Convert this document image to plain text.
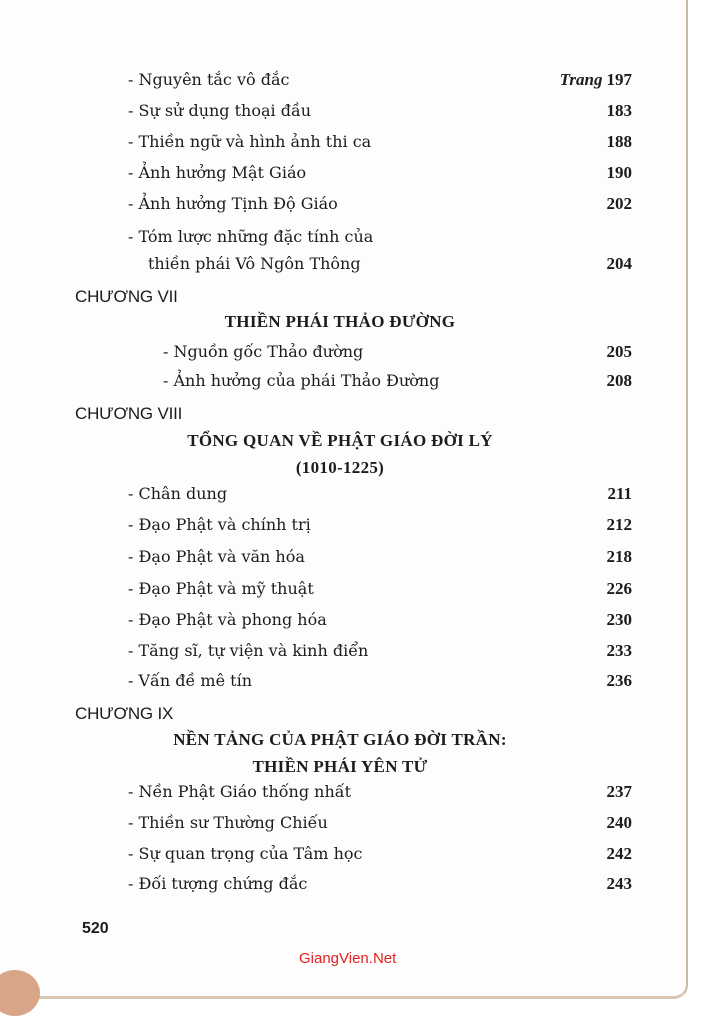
- Nguyên tắc vô đắc	Trang 197
- Sự sử dụng thoại đầu	183
- Thiền ngữ và hình ảnh thi ca	188
- Ảnh hưởng Mật Giáo	190
- Ảnh hưởng Tịnh Độ Giáo	202
- Tóm lược những đặc tính của
thiền phái Vô Ngôn Thông	204
CHƯƠNG VII
THIỀN PHÁI THẢO ĐƯỜNG
- Nguồn gốc Thảo đường	205
- Ảnh hưởng của phái Thảo Đường	208
CHƯƠNG VIII
TỔNG QUAN VỀ PHẬT GIÁO ĐỜI LÝ
(1010-1225)
- Chân dung	211
- Đạo Phật và chính trị	212
- Đạo Phật và văn hóa	218
- Đạo Phật và mỹ thuật	226
- Đạo Phật và phong hóa	230
- Tăng sĩ, tự viện và kinh điển	233
- Vấn đề mê tín	236
CHƯƠNG IX
NỀN TẢNG CỦA PHẬT GIÁO ĐỜI TRẦN:
THIỀN PHÁI YÊN TỬ
- Nền Phật Giáo thống nhất	237
- Thiền sư Thường Chiếu	240
- Sự quan trọng của Tâm học	242
- Đối tượng chứng đắc	243
520
GiangVien.Net
